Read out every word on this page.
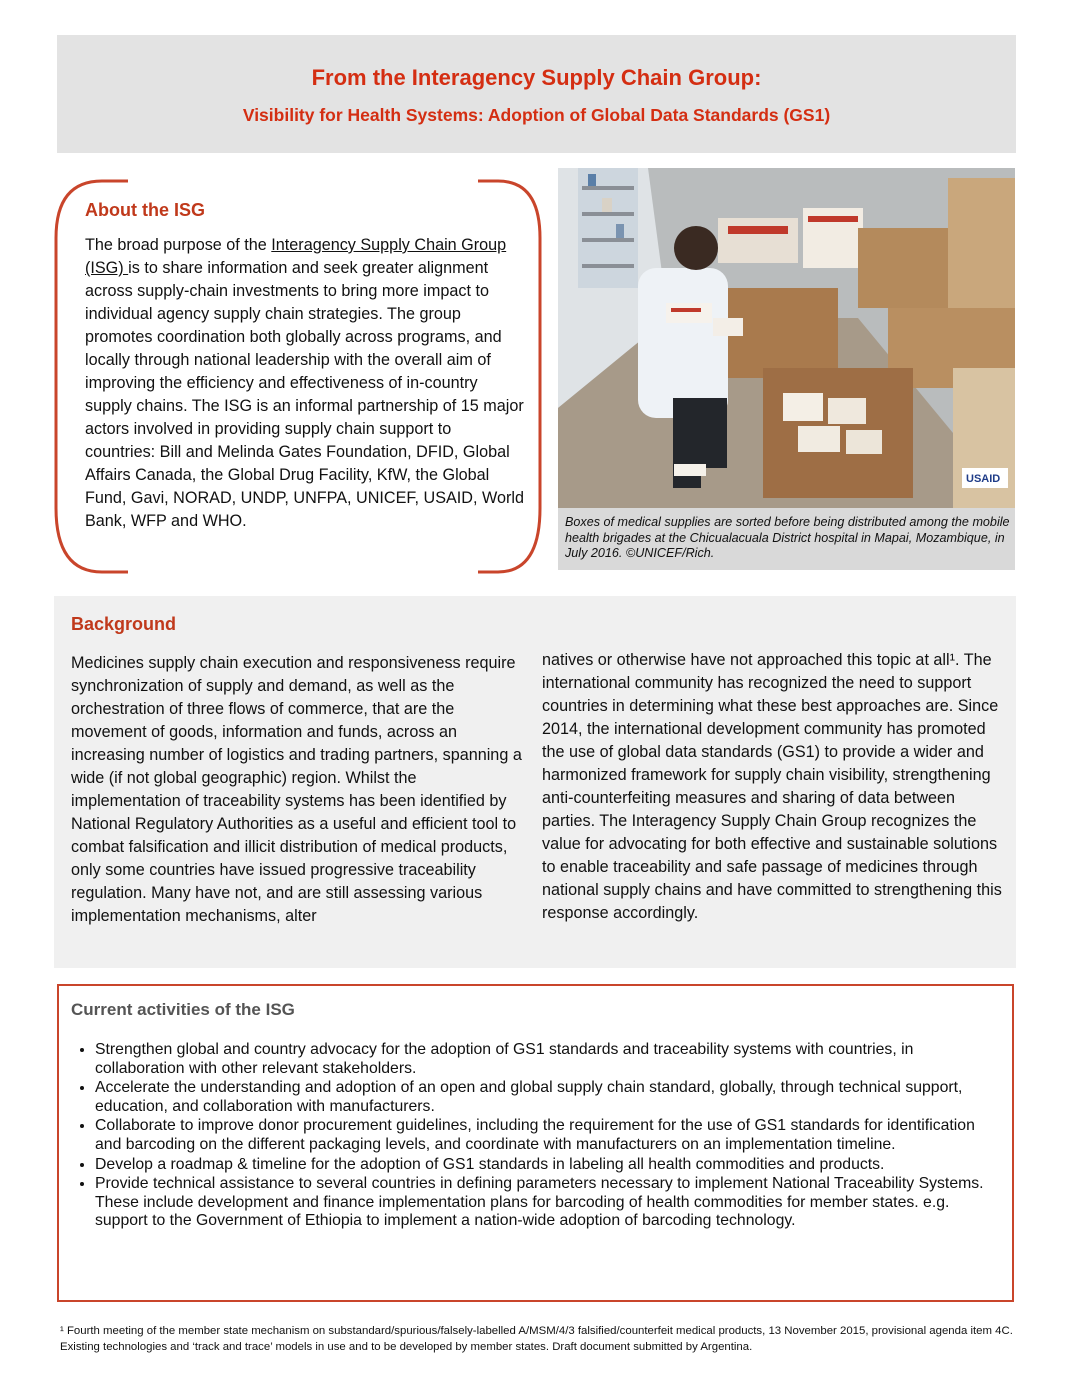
From the Interagency Supply Chain Group:
Visibility for Health Systems: Adoption of Global Data Standards (GS1)
About the ISG
The broad purpose of the Interagency Supply Chain Group (ISG) is to share information and seek greater alignment across supply-chain investments to bring more impact to individual agency supply chain strategies. The group promotes coordination both globally across programs, and locally through national leadership with the overall aim of improving the efficiency and effectiveness of in-country supply chains. The ISG is an informal partnership of 15 major actors involved in providing supply chain support to countries: Bill and Melinda Gates Foundation, DFID, Global Affairs Canada, the Global Drug Facility, KfW, the Global Fund, Gavi, NORAD, UNDP, UNFPA, UNICEF, USAID, World Bank, WFP and WHO.
USAID
Boxes of medical supplies are sorted before being distributed among the mobile health brigades at the Chicualacuala District hospital in Mapai, Mozambique, in July 2016. ©UNICEF/Rich.
Background
Medicines supply chain execution and responsiveness require synchronization of supply and demand, as well as the orchestration of three flows of commerce, that are the movement of goods, information and funds, across an increasing number of logistics and trading partners, spanning a wide (if not global geographic) region. Whilst the implementation of traceability systems has been identified by National Regulatory Authorities as a useful and efficient tool to combat falsification and illicit distribution of medical products, only some countries have issued progressive traceability regulation. Many have not, and are still assessing various implementation mechanisms, alter
natives or otherwise have not approached this topic at all¹. The international community has recognized the need to support countries in determining what these best approaches are. Since 2014, the international development community has promoted the use of global data standards (GS1) to provide a wider and harmonized framework for supply chain visibility, strengthening anti-counterfeiting measures and sharing of data between parties. The Interagency Supply Chain Group recognizes the value for advocating for both effective and sustainable solutions to enable traceability and safe passage of medicines through national supply chains and have committed to strengthening this response accordingly.
Current activities of the ISG
• Strengthen global and country advocacy for the adoption of GS1 standards and traceability systems with countries, in collaboration with other relevant stakeholders.
• Accelerate the understanding and adoption of an open and global supply chain standard, globally, through technical support, education, and collaboration with manufacturers.
• Collaborate to improve donor procurement guidelines, including the requirement for the use of GS1 standards for identification and barcoding on the different packaging levels, and coordinate with manufacturers on an implementation timeline.
• Develop a roadmap & timeline for the adoption of GS1 standards in labeling all health commodities and products.
• Provide technical assistance to several countries in defining parameters necessary to implement National Traceability Systems. These include development and finance implementation plans for barcoding of health commodities for member states. e.g. support to the Government of Ethiopia to implement a nation-wide adoption of barcoding technology.
¹ Fourth meeting of the member state mechanism on substandard/spurious/falsely-labelled A/MSM/4/3 falsified/counterfeit medical products, 13 November 2015, provisional agenda item 4C. Existing technologies and ‘track and trace’ models in use and to be developed by member states. Draft document submitted by Argentina.
